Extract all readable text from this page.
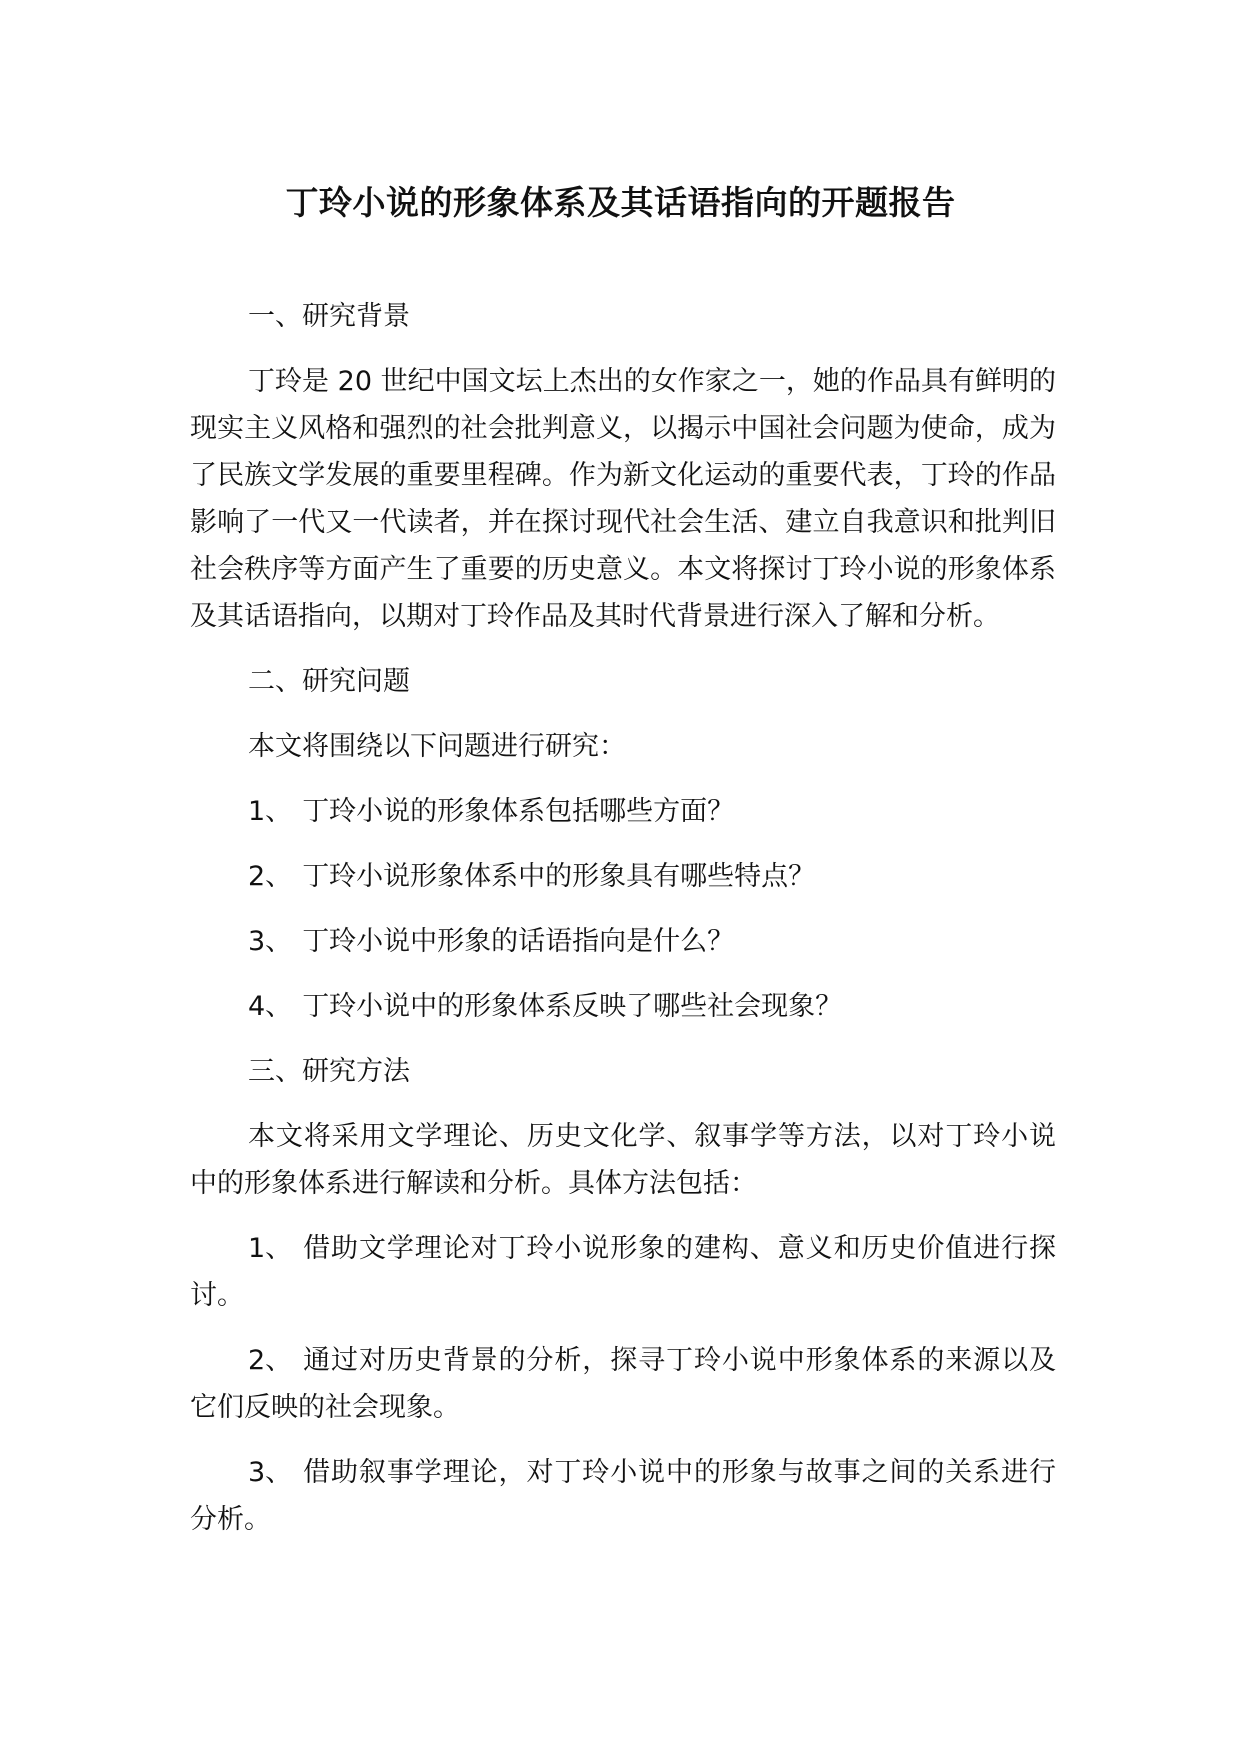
丁玲小说的形象体系及其话语指向的开题报告

一、研究背景

丁玲是 20 世纪中国文坛上杰出的女作家之一，她的作品具有鲜明的现实主义风格和强烈的社会批判意义，以揭示中国社会问题为使命，成为了民族文学发展的重要里程碑。作为新文化运动的重要代表，丁玲的作品影响了一代又一代读者，并在探讨现代社会生活、建立自我意识和批判旧社会秩序等方面产生了重要的历史意义。本文将探讨丁玲小说的形象体系及其话语指向，以期对丁玲作品及其时代背景进行深入了解和分析。

二、研究问题

本文将围绕以下问题进行研究：

1、 丁玲小说的形象体系包括哪些方面？

2、 丁玲小说形象体系中的形象具有哪些特点？

3、 丁玲小说中形象的话语指向是什么？

4、 丁玲小说中的形象体系反映了哪些社会现象？

三、研究方法

本文将采用文学理论、历史文化学、叙事学等方法，以对丁玲小说中的形象体系进行解读和分析。具体方法包括：

1、 借助文学理论对丁玲小说形象的建构、意义和历史价值进行探讨。

2、 通过对历史背景的分析，探寻丁玲小说中形象体系的来源以及它们反映的社会现象。

3、 借助叙事学理论，对丁玲小说中的形象与故事之间的关系进行分析。
